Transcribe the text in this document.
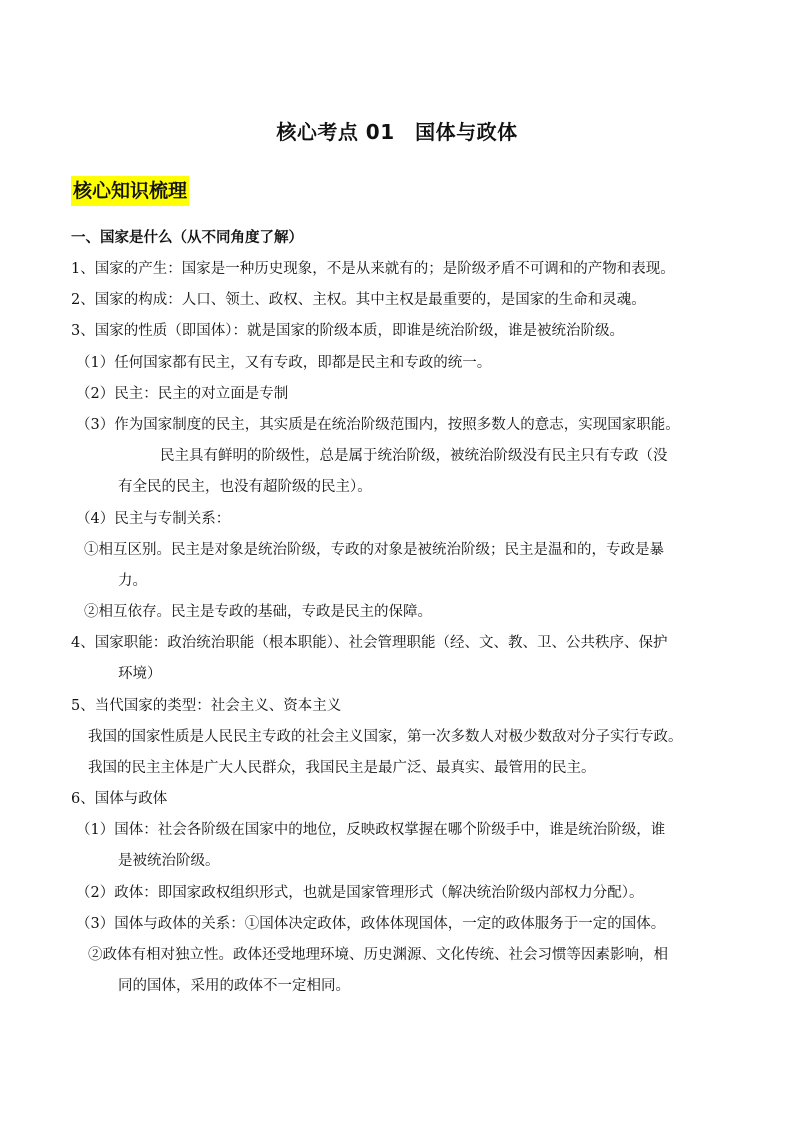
核心考点 01　国体与政体
核心知识梳理
一、国家是什么（从不同角度了解）
1、国家的产生：国家是一种历史现象，不是从来就有的；是阶级矛盾不可调和的产物和表现。
2、国家的构成：人口、领土、政权、主权。其中主权是最重要的，是国家的生命和灵魂。
3、国家的性质（即国体）：就是国家的阶级本质，即谁是统治阶级，谁是被统治阶级。
（1）任何国家都有民主，又有专政，即都是民主和专政的统一。
（2）民主：民主的对立面是专制
（3）作为国家制度的民主，其实质是在统治阶级范围内，按照多数人的意志，实现国家职能。
民主具有鲜明的阶级性，总是属于统治阶级，被统治阶级没有民主只有专政（没
有全民的民主，也没有超阶级的民主）。
（4）民主与专制关系：
①相互区别。民主是对象是统治阶级，专政的对象是被统治阶级；民主是温和的，专政是暴
力。
②相互依存。民主是专政的基础，专政是民主的保障。
4、国家职能：政治统治职能（根本职能）、社会管理职能（经、文、教、卫、公共秩序、保护
环境）
5、当代国家的类型：社会主义、资本主义
我国的国家性质是人民民主专政的社会主义国家，第一次多数人对极少数敌对分子实行专政。
我国的民主主体是广大人民群众，我国民主是最广泛、最真实、最管用的民主。
6、国体与政体
（1）国体：社会各阶级在国家中的地位，反映政权掌握在哪个阶级手中，谁是统治阶级，谁
是被统治阶级。
（2）政体：即国家政权组织形式，也就是国家管理形式（解决统治阶级内部权力分配）。
（3）国体与政体的关系：①国体决定政体，政体体现国体，一定的政体服务于一定的国体。
②政体有相对独立性。政体还受地理环境、历史渊源、文化传统、社会习惯等因素影响，相
同的国体，采用的政体不一定相同。
